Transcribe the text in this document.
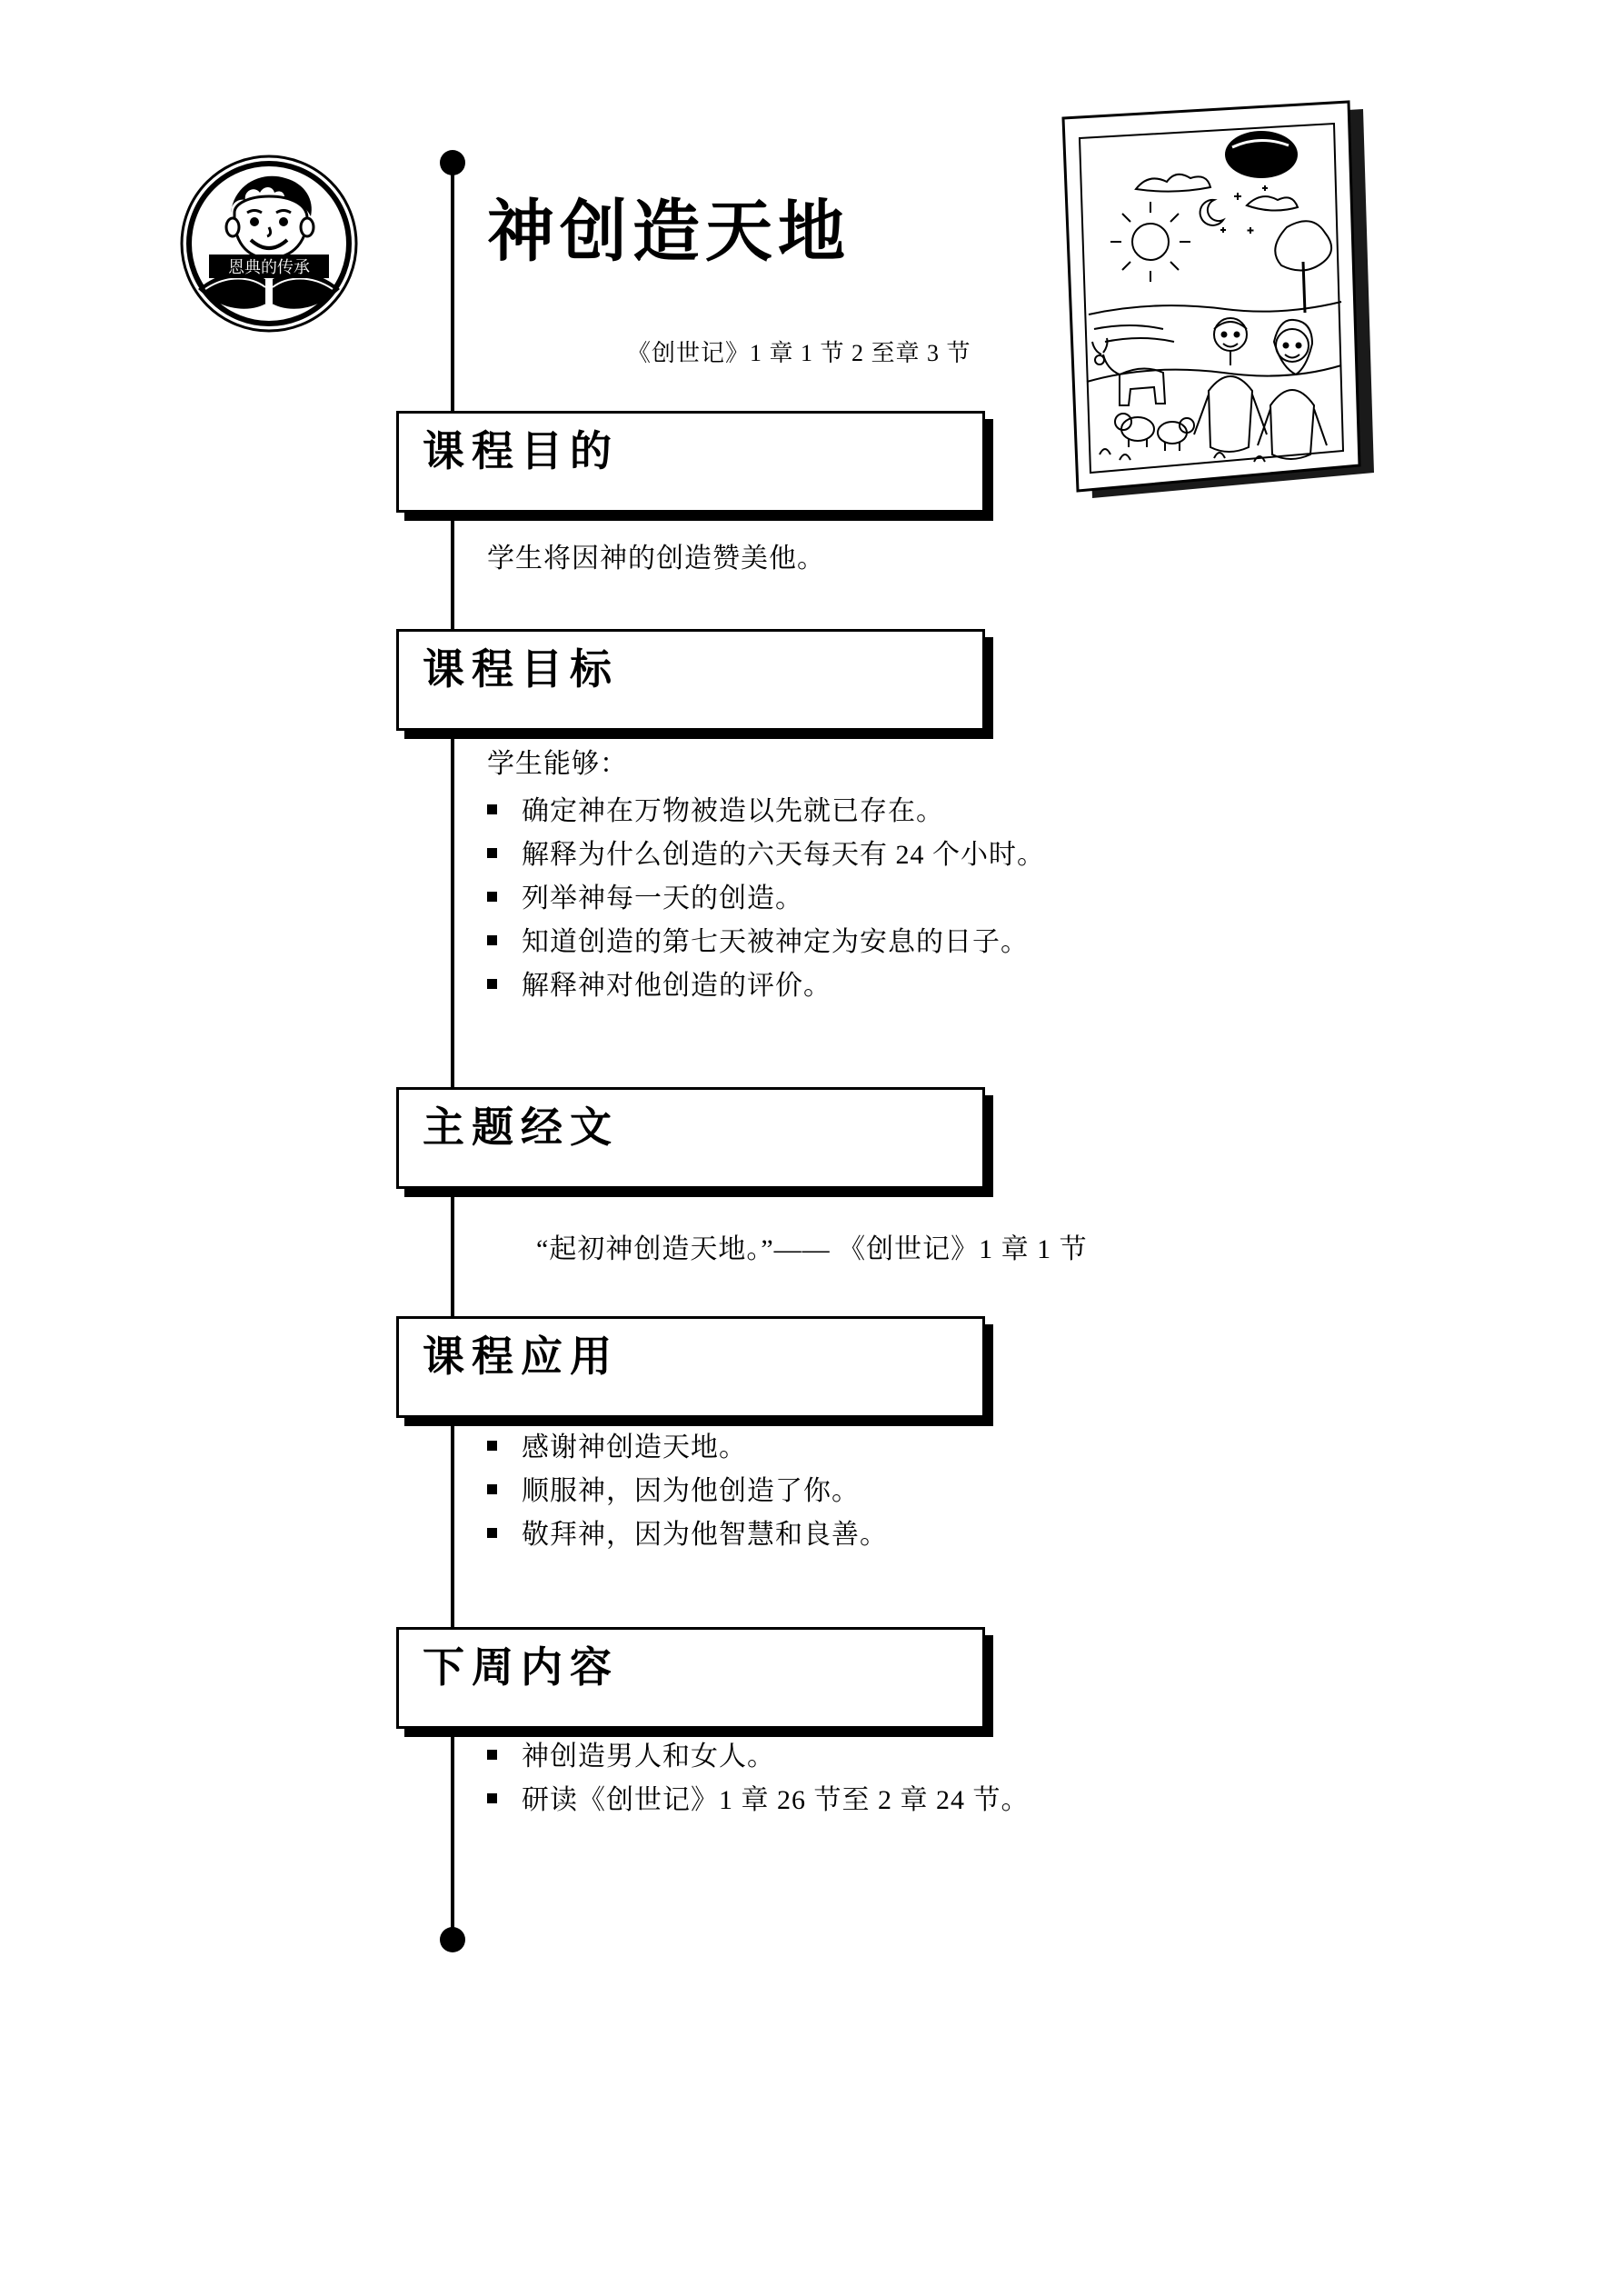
恩典的传承	神创造天地
《创世记》1 章 1 节 2 至章 3 节
课程目的
学生将因神的创造赞美他。
课程目标
学生能够：
确定神在万物被造以先就已存在。
解释为什么创造的六天每天有 24 个小时。
列举神每一天的创造。
知道创造的第七天被神定为安息的日子。
解释神对他创造的评价。
主题经文
“起初神创造天地。”—— 《创世记》1 章 1 节
课程应用
感谢神创造天地。
顺服神，因为他创造了你。
敬拜神，因为他智慧和良善。
下周内容
神创造男人和女人。
研读《创世记》1 章 26 节至 2 章 24 节。
